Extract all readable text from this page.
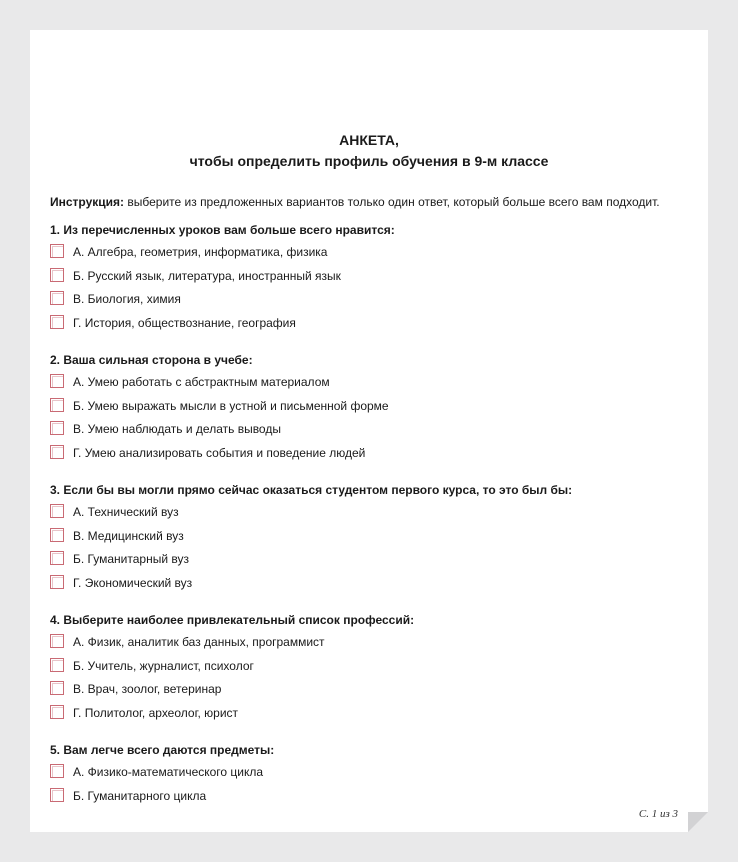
АНКЕТА,
чтобы определить профиль обучения в 9-м классе
Инструкция: выберите из предложенных вариантов только один ответ, который больше всего вам подходит.
1. Из перечисленных уроков вам больше всего нравится:
А. Алгебра, геометрия, информатика, физика
Б. Русский язык, литература, иностранный язык
В. Биология, химия
Г. История, обществознание, география
2. Ваша сильная сторона в учебе:
А. Умею работать с абстрактным материалом
Б. Умею выражать мысли в устной и письменной форме
В. Умею наблюдать и делать выводы
Г. Умею анализировать события и поведение людей
3. Если бы вы могли прямо сейчас оказаться студентом первого курса, то это был бы:
А. Технический вуз
В. Медицинский вуз
Б. Гуманитарный вуз
Г. Экономический вуз
4. Выберите наиболее привлекательный список профессий:
А. Физик, аналитик баз данных, программист
Б. Учитель, журналист, психолог
В. Врач, зоолог, ветеринар
Г. Политолог, археолог, юрист
5. Вам легче всего даются предметы:
А. Физико-математического цикла
Б. Гуманитарного цикла
С. 1 из 3
